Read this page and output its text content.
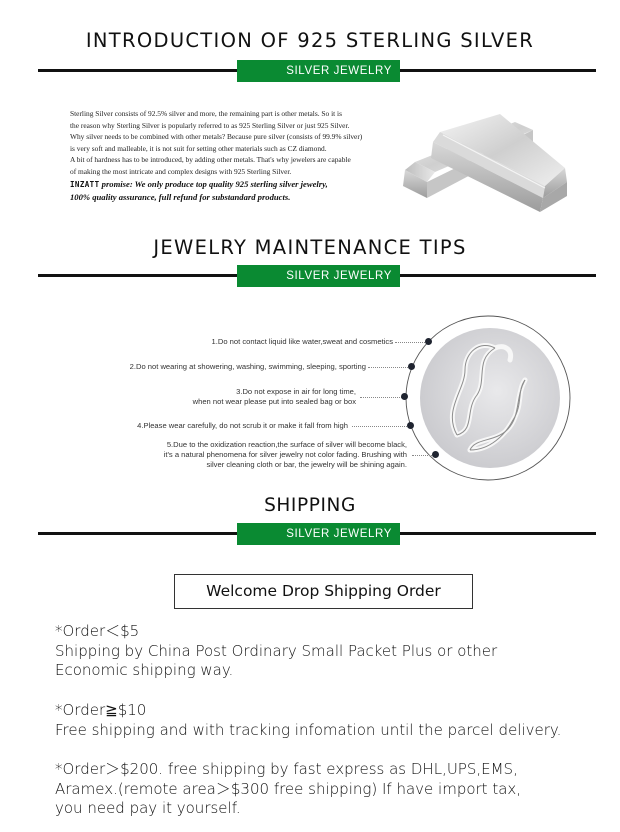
INTRODUCTION OF 925 STERLING SILVER
SILVER JEWELRY

Sterling Silver consists of 92.5% silver and more, the remaining part is other metals. So it is

the reason why Sterling Silver is popularly referred to as 925 Sterling Silver or just 925 Silver.

Why silver needs to be combined with other metals? Because pure silver (consists of 99.9% silver)

is very soft and malleable, it is not suit for setting other materials such as CZ diamond.

A bit of hardness has to be introduced, by adding other metals. That's why jewelers are capable

of making the most intricate and complex designs with 925 Sterling Silver.

INZATT promise: We only produce top quality 925 sterling silver jewelry,
100% quality assurance, full refund for substandard products.
JEWELRY MAINTENANCE TIPS
SILVER JEWELRY
1.Do not contact liquid like water,sweat and cosmetics
2.Do not wearing at showering, washing, swimming, sleeping, sporting
3.Do not expose in air for long time,
when not wear please put into sealed bag or box
4.Please wear carefully, do not scrub it or make it fall from high
5.Due to the oxidization reaction,the surface of silver will become black,
it's a natural phenomena for silver jewelry not color fading. Brushing with
silver cleaning cloth or bar, the jewelry will be shining again.
SHIPPING
SILVER JEWELRY
Welcome Drop Shipping Order

*Order＜$5

Shipping by China Post Ordinary Small Packet Plus or other

Economic shipping way.

*Order≧$10

Free shipping and with tracking infomation until the parcel delivery.

*Order＞$200. free shipping by fast express as DHL,UPS,EMS,

Aramex.(remote area＞$300 free shipping) If have import tax,

you need pay it yourself.
